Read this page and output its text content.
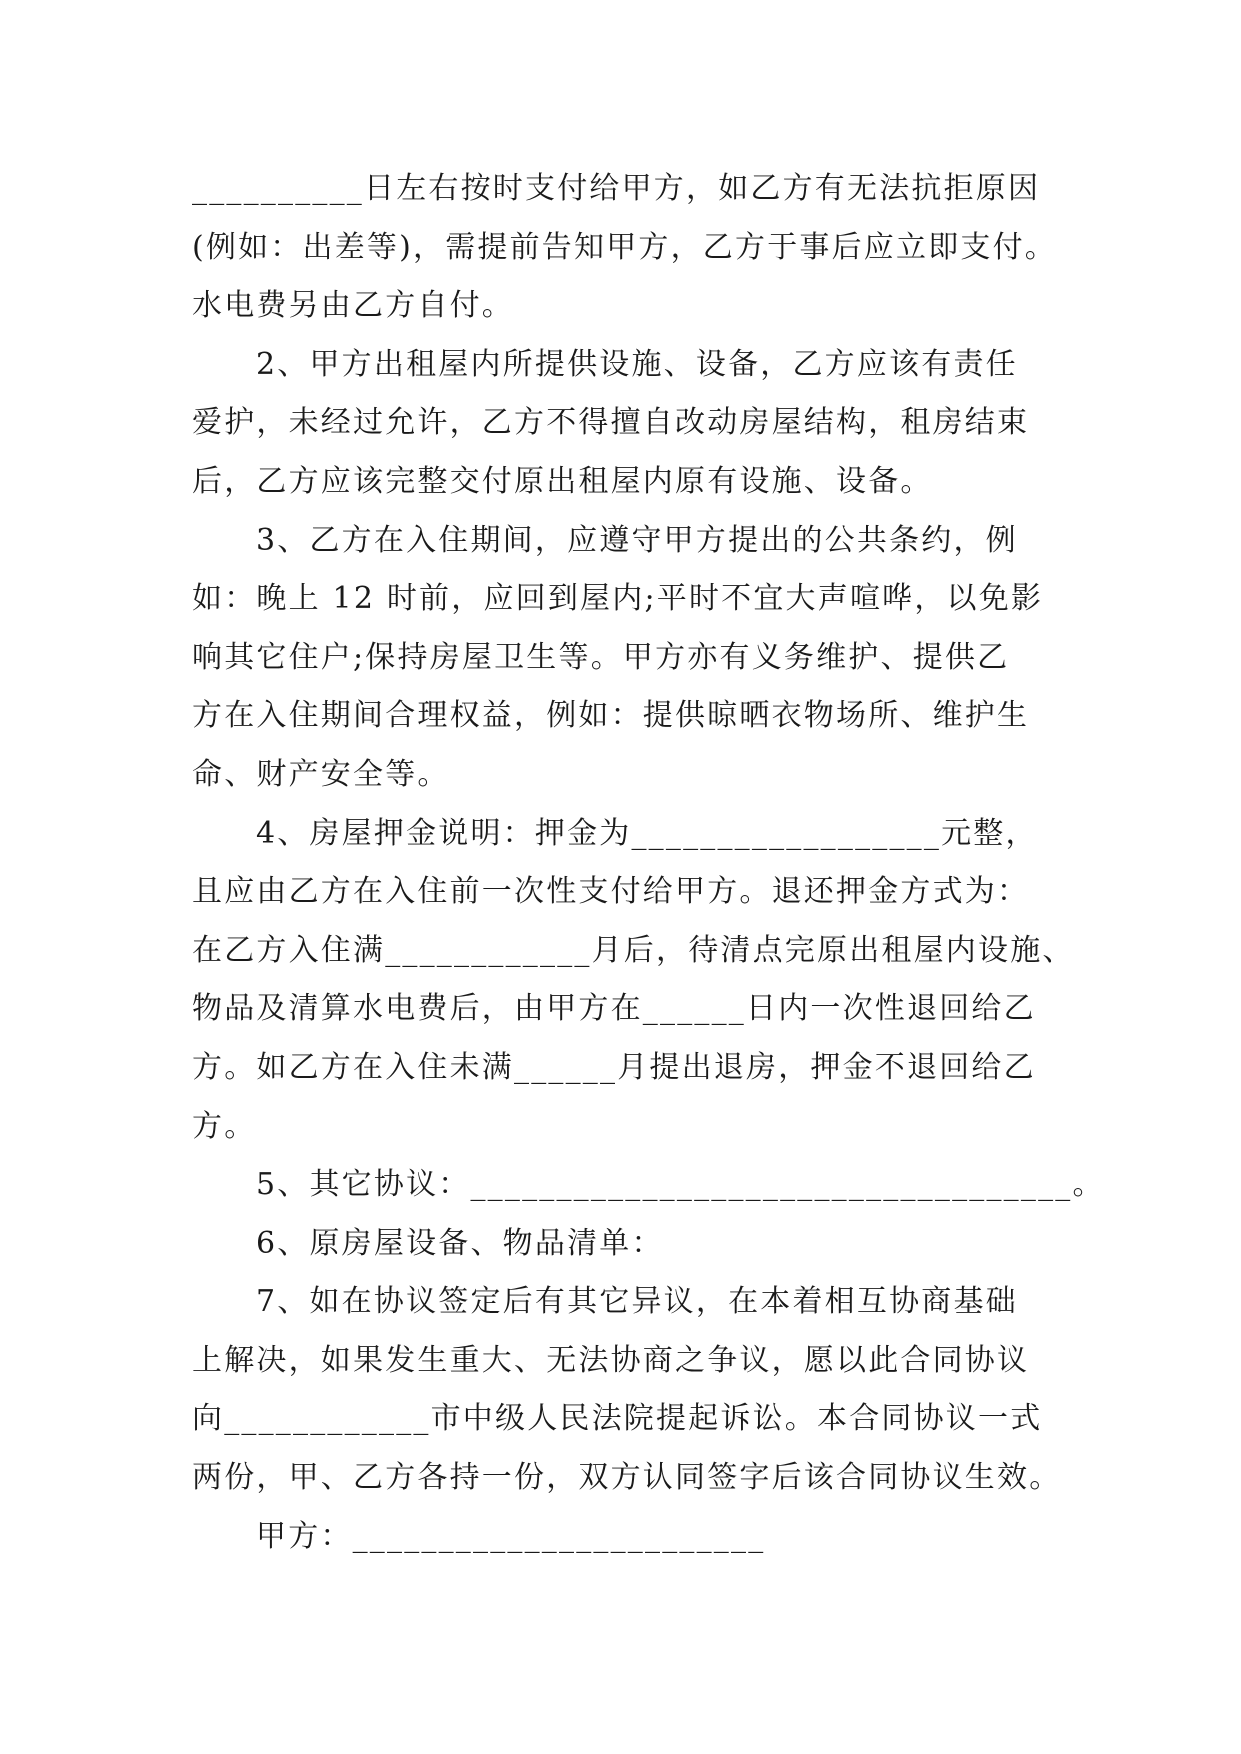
__________日左右按时支付给甲方，如乙方有无法抗拒原因
(例如：出差等)，需提前告知甲方，乙方于事后应立即支付。
水电费另由乙方自付。
2、甲方出租屋内所提供设施、设备，乙方应该有责任
爱护，未经过允许，乙方不得擅自改动房屋结构，租房结束
后，乙方应该完整交付原出租屋内原有设施、设备。
3、乙方在入住期间，应遵守甲方提出的公共条约，例
如：晚上 12 时前，应回到屋内;平时不宜大声喧哗，以免影
响其它住户;保持房屋卫生等。甲方亦有义务维护、提供乙
方在入住期间合理权益，例如：提供晾晒衣物场所、维护生
命、财产安全等。
4、房屋押金说明：押金为__________________元整，
且应由乙方在入住前一次性支付给甲方。退还押金方式为：
在乙方入住满____________月后，待清点完原出租屋内设施、
物品及清算水电费后，由甲方在______日内一次性退回给乙
方。如乙方在入住未满______月提出退房，押金不退回给乙
方。
5、其它协议：___________________________________。
6、原房屋设备、物品清单：
7、如在协议签定后有其它异议，在本着相互协商基础
上解决，如果发生重大、无法协商之争议，愿以此合同协议
向____________市中级人民法院提起诉讼。本合同协议一式
两份，甲、乙方各持一份，双方认同签字后该合同协议生效。
甲方：________________________
